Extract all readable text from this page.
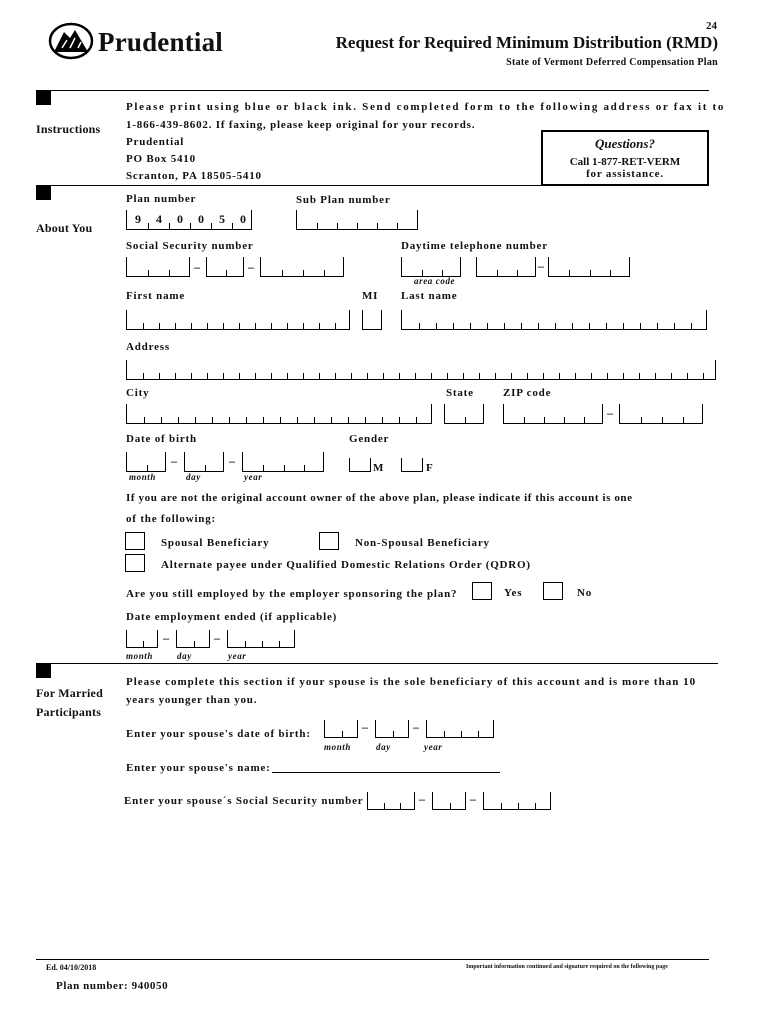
Prudential
24
Request for Required Minimum Distribution (RMD)
State of Vermont Deferred Compensation Plan
Instructions
Please print using blue or black ink. Send completed form to the following address or fax it to
1-866-439-8602. If faxing, please keep original for your records.
Prudential
PO Box 5410
Scranton, PA 18505-5410
Questions?
Call 1-877-RET-VERM
for assistance.
About You
Plan number
9	4	0	0	5	0
Sub Plan number
Social Security number
–	–
Daytime telephone number
area code
–
First name	MI Last name
Address
City	State	ZIP code
–
Date of birth
–	–
month	day	year
Gender
M	F
If you are not the original account owner of the above plan, please indicate if this account is one
of the following:
Spousal Beneficiary	Non-Spousal Beneficiary
Alternate payee under Qualified Domestic Relations Order (QDRO)
Are you still employed by the employer sponsoring the plan?	Yes	No
Date employment ended (if applicable)
–	–
month	day	year
For Married
Participants
Please complete this section if your spouse is the sole beneficiary of this account and is more than 10
years younger than you.
Enter your spouse's date of birth:	–	–
month	day	year
Enter your spouse's name:
Enter your spouse´s Social Security number	–	–
Ed. 04/10/2018	Important information continued and signature required on the following page
Plan number: 940050
